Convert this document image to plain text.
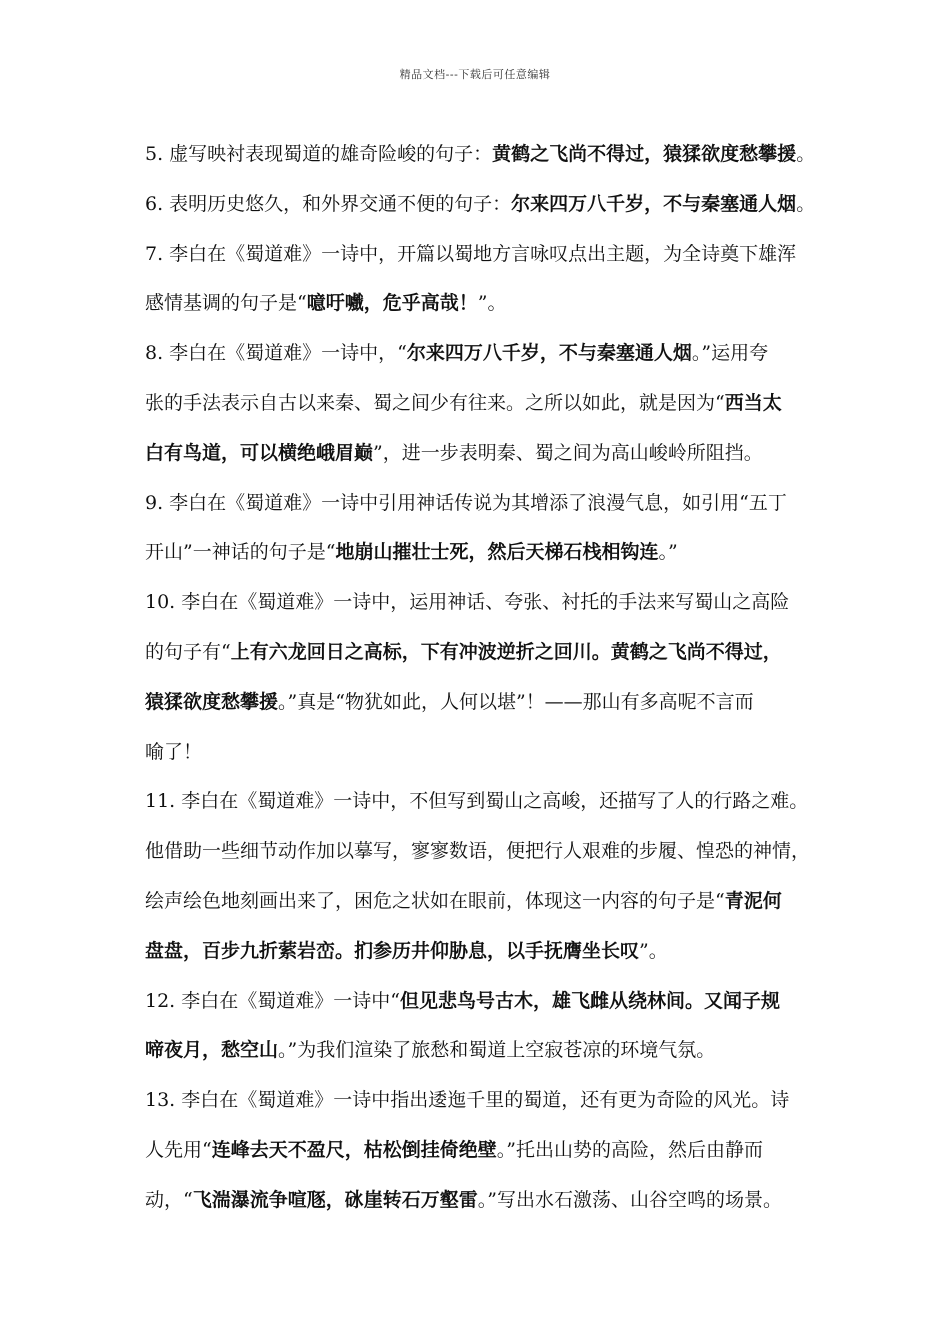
精品文档---下载后可任意编辑
5. 虚写映衬表现蜀道的雄奇险峻的句子：黄鹤之飞尚不得过，猿猱欲度愁攀援。
6. 表明历史悠久，和外界交通不便的句子：尔来四万八千岁，不与秦塞通人烟。
7. 李白在《蜀道难》一诗中，开篇以蜀地方言咏叹点出主题，为全诗奠下雄浑
感情基调的句子是“噫吁嚱，危乎高哉！”。
8. 李白在《蜀道难》一诗中，“尔来四万八千岁，不与秦塞通人烟。”运用夸
张的手法表示自古以来秦、蜀之间少有往来。之所以如此，就是因为“西当太
白有鸟道，可以横绝峨眉巅”，进一步表明秦、蜀之间为高山峻岭所阻挡。
9. 李白在《蜀道难》一诗中引用神话传说为其增添了浪漫气息，如引用“五丁
开山”一神话的句子是“地崩山摧壮士死，然后天梯石栈相钩连。”
10. 李白在《蜀道难》一诗中，运用神话、夸张、衬托的手法来写蜀山之高险
的句子有“上有六龙回日之高标，下有冲波逆折之回川。黄鹤之飞尚不得过，
猿猱欲度愁攀援。”真是“物犹如此，人何以堪”！——那山有多高呢不言而
喻了！
11. 李白在《蜀道难》一诗中，不但写到蜀山之高峻，还描写了人的行路之难。
他借助一些细节动作加以摹写，寥寥数语，便把行人艰难的步履、惶恐的神情，
绘声绘色地刻画出来了，困危之状如在眼前，体现这一内容的句子是“青泥何
盘盘，百步九折萦岩峦。扪参历井仰胁息，以手抚膺坐长叹”。
12. 李白在《蜀道难》一诗中“但见悲鸟号古木，雄飞雌从绕林间。又闻子规
啼夜月，愁空山。”为我们渲染了旅愁和蜀道上空寂苍凉的环境气氛。
13. 李白在《蜀道难》一诗中指出逶迤千里的蜀道，还有更为奇险的风光。诗
人先用“连峰去天不盈尺，枯松倒挂倚绝壁。”托出山势的高险，然后由静而
动，“飞湍瀑流争喧豗，砯崖转石万壑雷。”写出水石激荡、山谷空鸣的场景。
